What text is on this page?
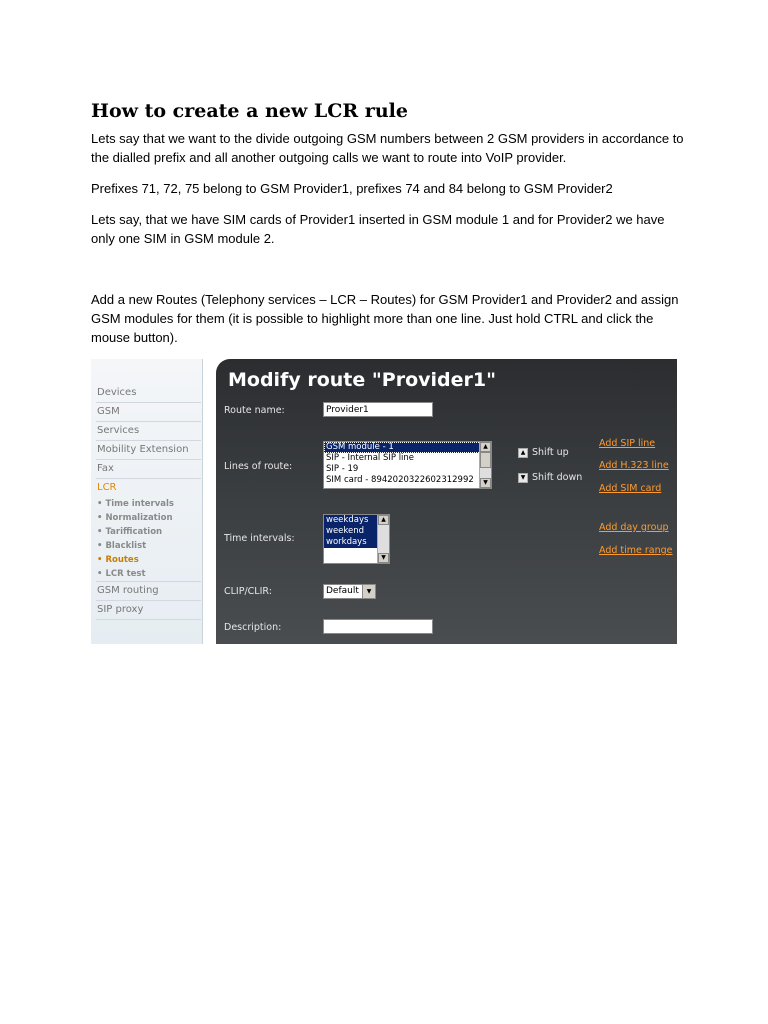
How to create a new LCR rule
Lets say that we want to the divide outgoing GSM numbers between 2 GSM providers in accordance to the dialled prefix and all another outgoing calls we want to route into VoIP provider.
Prefixes 71, 72, 75 belong to GSM Provider1, prefixes 74 and 84 belong to GSM Provider2
Lets say, that we have SIM cards of Provider1 inserted in GSM module 1 and for Provider2 we have only one SIM in GSM module 2.
Add a new Routes (Telephony services – LCR – Routes) for GSM Provider1 and Provider2 and assign GSM modules for them (it is possible to highlight more than one line. Just hold CTRL and click the mouse button).
Devices
GSM
Services
Mobility Extension
Fax
LCR
• Time intervals
• Normalization
• Tariffication
• Blacklist
• Routes
• LCR test
GSM routing
SIP proxy
Modify route "Provider1"
Route name:	Provider1
Lines of route:
GSM module - 1
SIP - Internal SIP line
SIP - 19
SIM card - 8942020322602312992
▲
▼
▲ Shift up
▼ Shift down
Add SIP line
Add H.323 line
Add SIM card
Time intervals:
weekdays
weekend
workdays
▲
▼
Add day group
Add time range
CLIP/CLIR:	Default	▼
Description:
